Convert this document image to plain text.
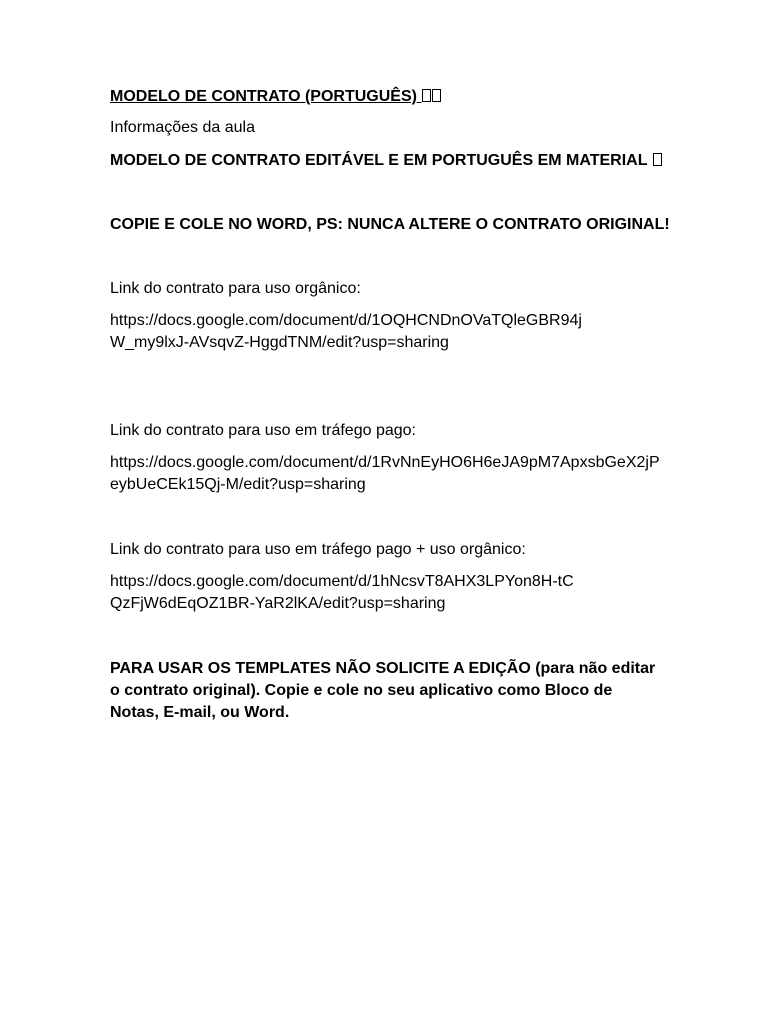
MODELO DE CONTRATO (PORTUGUÊS)

Informações da aula

MODELO DE CONTRATO EDITÁVEL E EM PORTUGUÊS EM MATERIAL

COPIE E COLE NO WORD, PS: NUNCA ALTERE O CONTRATO ORIGINAL!

Link do contrato para uso orgânico:

https://docs.google.com/document/d/1OQHCNDnOVaTQleGBR94jW_my9lxJ-AVsqvZ-HggdTNM/edit?usp=sharing

Link do contrato para uso em tráfego pago:

https://docs.google.com/document/d/1RvNnEyHO6H6eJA9pM7ApxsbGeX2jPeybUeCEk15Qj-M/edit?usp=sharing

Link do contrato para uso em tráfego pago + uso orgânico:

https://docs.google.com/document/d/1hNcsvT8AHX3LPYon8H-tCQzFjW6dEqOZ1BR-YaR2lKA/edit?usp=sharing

PARA USAR OS TEMPLATES NÃO SOLICITE A EDIÇÃO (para não editar o contrato original). Copie e cole no seu aplicativo como Bloco de Notas, E-mail, ou Word.
